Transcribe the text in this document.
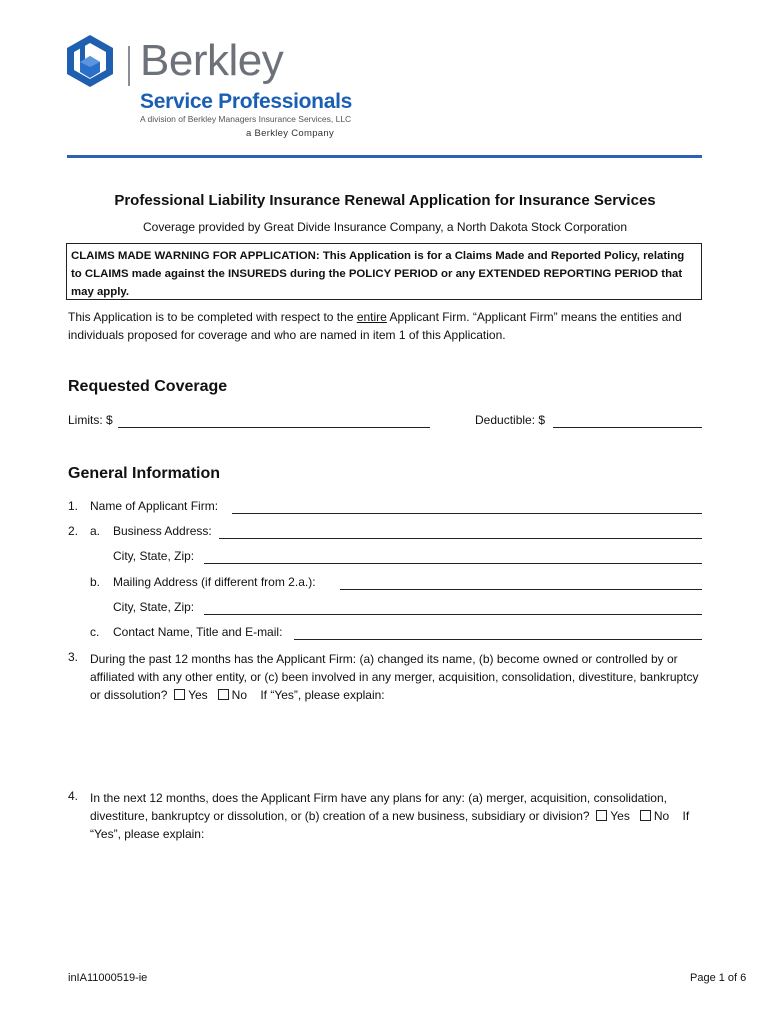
Berkley
Service Professionals
A division of Berkley Managers Insurance Services, LLC
a Berkley Company
Professional Liability Insurance Renewal Application for Insurance Services
Coverage provided by Great Divide Insurance Company, a North Dakota Stock Corporation
CLAIMS MADE WARNING FOR APPLICATION: This Application is for a Claims Made and Reported Policy, relating to CLAIMS made against the INSUREDS during the POLICY PERIOD or any EXTENDED REPORTING PERIOD that may apply.
This Application is to be completed with respect to the entire Applicant Firm. “Applicant Firm” means the entities and individuals proposed for coverage and who are named in item 1 of this Application.
Requested Coverage
Limits: $	Deductible: $
General Information
1. Name of Applicant Firm:
2. a. Business Address:
City, State, Zip:
b. Mailing Address (if different from 2.a.):
City, State, Zip:
c. Contact Name, Title and E-mail:
3. During the past 12 months has the Applicant Firm: (a) changed its name, (b) become owned or controlled by or affiliated with any other entity, or (c) been involved in any merger, acquisition, consolidation, divestiture, bankruptcy or dissolution? Yes No If “Yes”, please explain:
4. In the next 12 months, does the Applicant Firm have any plans for any: (a) merger, acquisition, consolidation, divestiture, bankruptcy or dissolution, or (b) creation of a new business, subsidiary or division? Yes No If “Yes”, please explain:
inIA11000519-ie	Page 1 of 6
